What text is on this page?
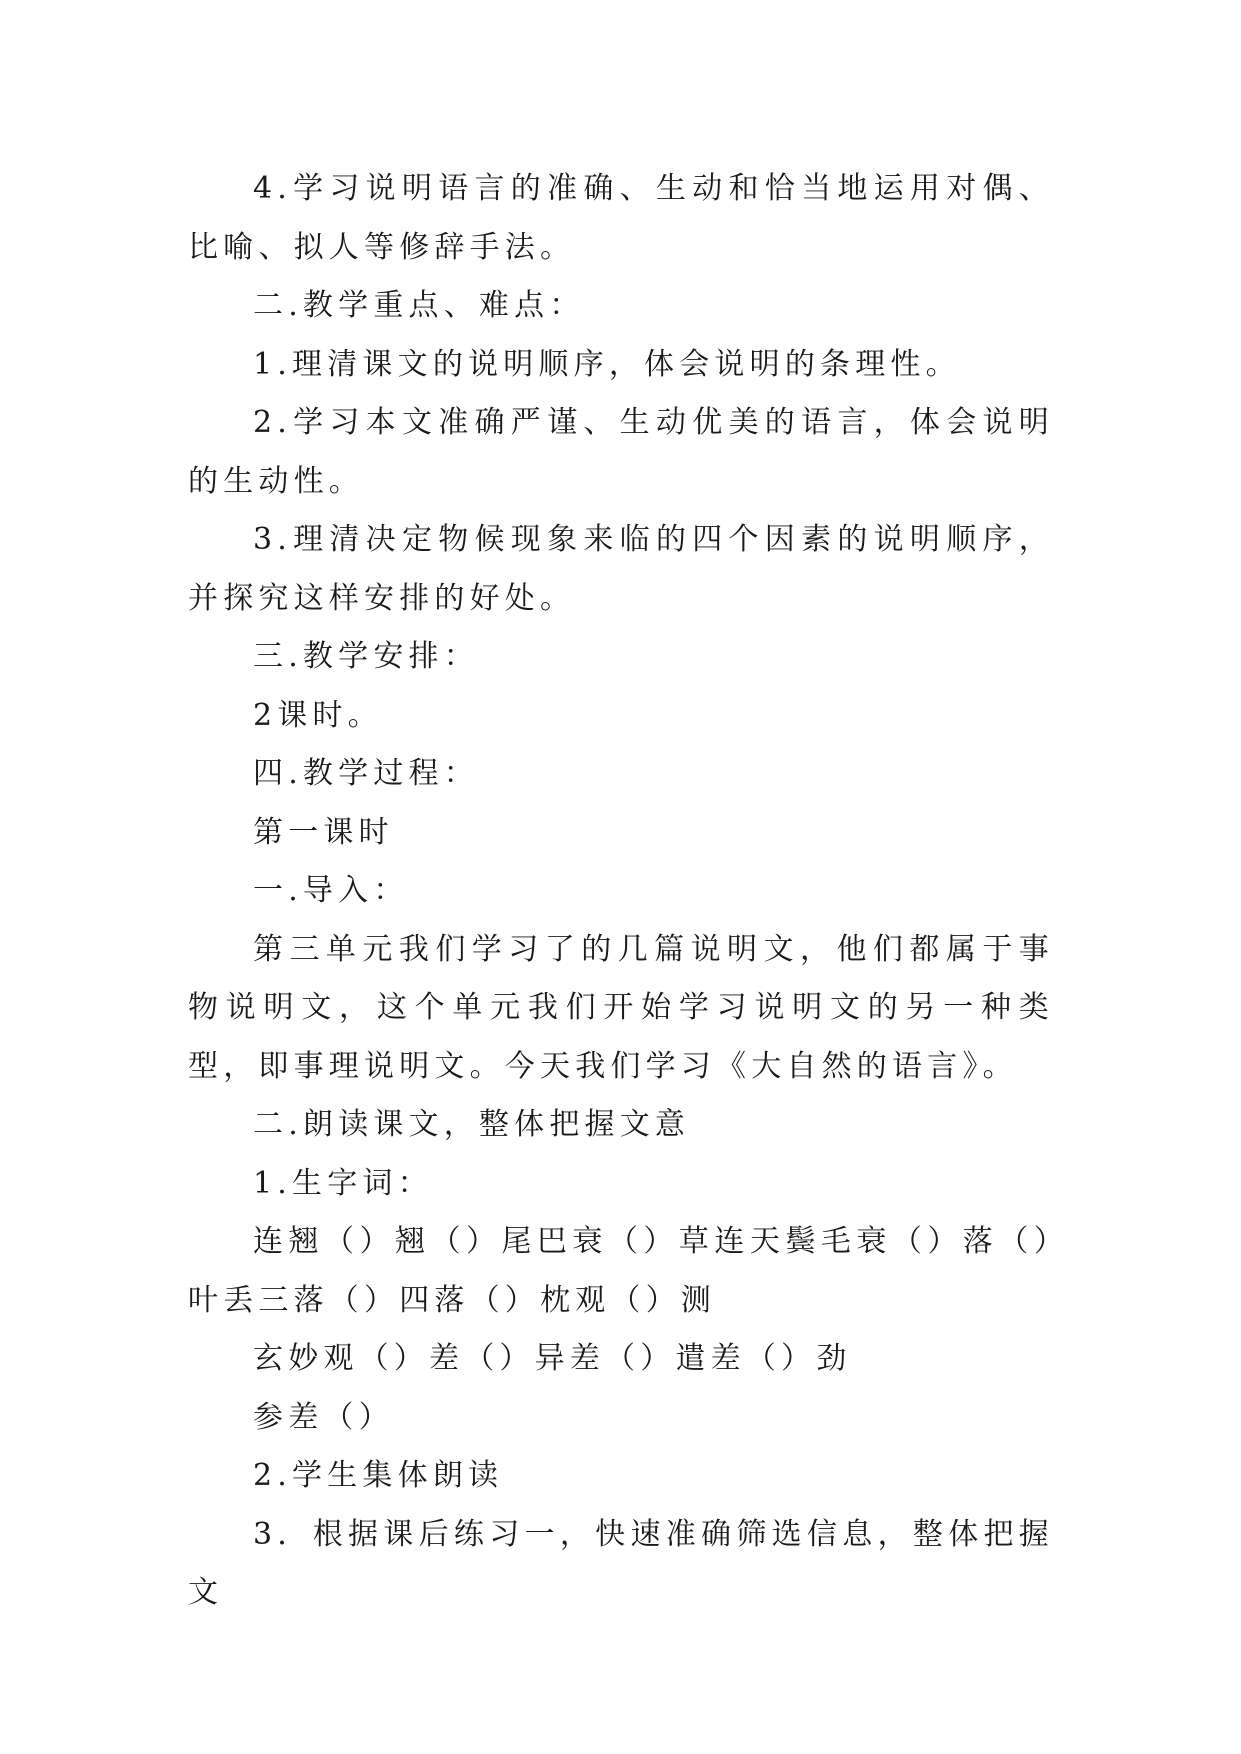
4.学习说明语言的准确、生动和恰当地运用对偶、比喻、拟人等修辞手法。

二.教学重点、难点：

1.理清课文的说明顺序，体会说明的条理性。

2.学习本文准确严谨、生动优美的语言，体会说明的生动性。

3.理清决定物候现象来临的四个因素的说明顺序，并探究这样安排的好处。

三.教学安排：

2课时。

四.教学过程：

第一课时

一.导入：

第三单元我们学习了的几篇说明文，他们都属于事物说明文，这个单元我们开始学习说明文的另一种类型，即事理说明文。今天我们学习《大自然的语言》。

二.朗读课文，整体把握文意

1.生字词：

连翘（）翘（）尾巴衰（）草连天鬓毛衰（）落（）叶丢三落（）四落（）枕观（）测

玄妙观（）差（）异差（）遣差（）劲

参差（）

2.学生集体朗读

3．根据课后练习一，快速准确筛选信息，整体把握文
